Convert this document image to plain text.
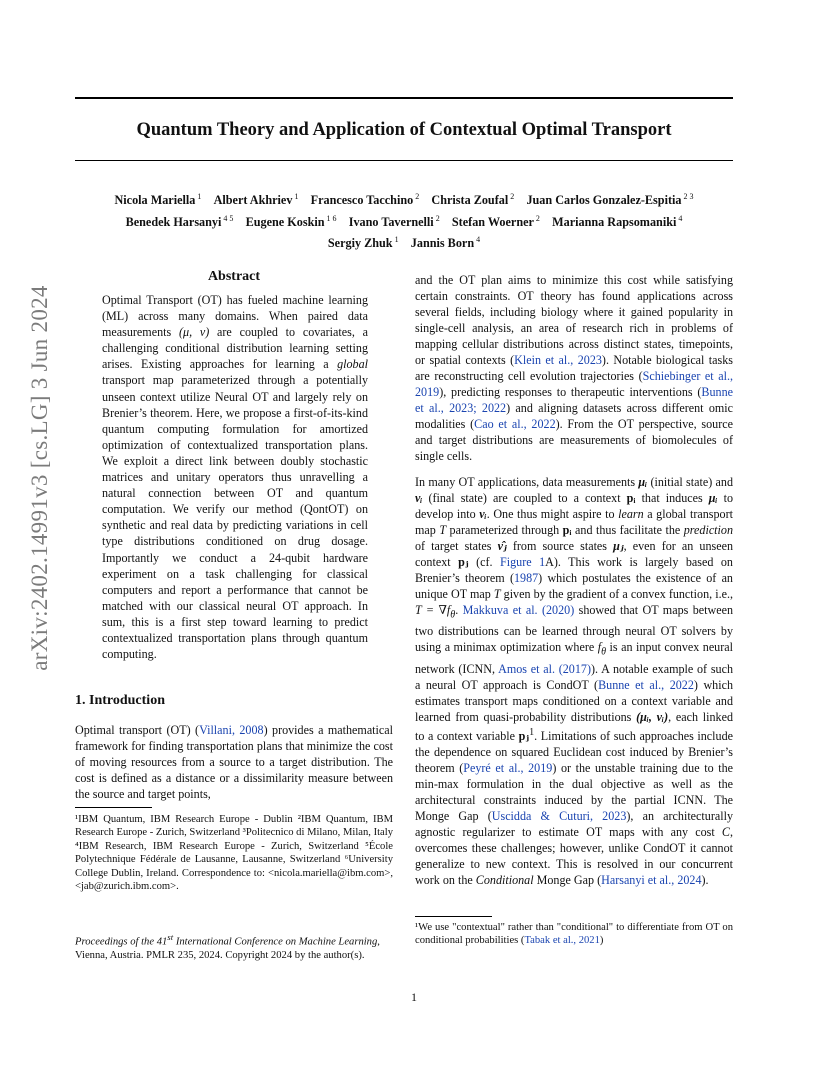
arXiv:2402.14991v3 [cs.LG] 3 Jun 2024
Quantum Theory and Application of Contextual Optimal Transport
Nicola Mariella $^1$  Albert Akhriev $^1$  Francesco Tacchino $^2$  Christa Zoufal $^2$  Juan Carlos Gonzalez-Espitia $^{2 3}$
Benedek Harsanyi $^{4 5}$  Eugene Koskin $^{1 6}$  Ivano Tavernelli $^2$  Stefan Woerner $^2$  Marianna Rapsomaniki $^4$
Sergiy Zhuk $^1$  Jannis Born $^4$
Abstract
Optimal Transport (OT) has fueled machine learning (ML) across many domains. When paired data measurements (μ, ν) are coupled to covariates, a challenging conditional distribution learning setting arises. Existing approaches for learning a global transport map parameterized through a potentially unseen context utilize Neural OT and largely rely on Brenier’s theorem. Here, we propose a first-of-its-kind quantum computing formulation for amortized optimization of contextualized transportation plans. We exploit a direct link between doubly stochastic matrices and unitary operators thus unravelling a natural connection between OT and quantum computation. We verify our method (QontOT) on synthetic and real data by predicting variations in cell type distributions conditioned on drug dosage. Importantly we conduct a 24-qubit hardware experiment on a task challenging for classical computers and report a performance that cannot be matched with our classical neural OT approach. In sum, this is a first step toward learning to predict contextualized transportation plans through quantum computing.
1. Introduction
Optimal transport (OT) (Villani, 2008) provides a mathematical framework for finding transportation plans that minimize the cost of moving resources from a source to a target distribution. The cost is defined as a distance or a dissimilarity measure between the source and target points,
¹IBM Quantum, IBM Research Europe - Dublin ²IBM Quantum, IBM Research Europe - Zurich, Switzerland ³Politecnico di Milano, Milan, Italy ⁴IBM Research, IBM Research Europe - Zurich, Switzerland ⁵École Polytechnique Fédérale de Lausanne, Lausanne, Switzerland ⁶University College Dublin, Ireland. Correspondence to: <nicola.mariella@ibm.com>, <jab@zurich.ibm.com>.
Proceedings of the 41st International Conference on Machine Learning, Vienna, Austria. PMLR 235, 2024. Copyright 2024 by the author(s).
and the OT plan aims to minimize this cost while satisfying certain constraints. OT theory has found applications across several fields, including biology where it gained popularity in single-cell analysis, an area of research rich in problems of mapping cellular distributions across distinct states, timepoints, or spatial contexts (Klein et al., 2023). Notable biological tasks are reconstructing cell evolution trajectories (Schiebinger et al., 2019), predicting responses to therapeutic interventions (Bunne et al., 2023; 2022) and aligning datasets across different omic modalities (Cao et al., 2022). From the OT perspective, source and target distributions are measurements of biomolecules of single cells.
In many OT applications, data measurements μᵢ (initial state) and νᵢ (final state) are coupled to a context pᵢ that induces μᵢ to develop into νᵢ. One thus might aspire to learn a global transport map T parameterized through pᵢ and thus facilitate the prediction of target states ν̂ⱼ from source states μⱼ, even for an unseen context pⱼ (cf. Figure 1A). This work is largely based on Brenier’s theorem (1987) which postulates the existence of an unique OT map T given by the gradient of a convex function, i.e., $T = \nabla f_\theta$. Makkuva et al. (2020) showed that OT maps between two distributions can be learned through neural OT solvers by using a minimax optimization where $f_\theta$ is an input convex neural network (ICNN, Amos et al. (2017)). A notable example of such a neural OT approach is CondOT (Bunne et al., 2022) which estimates transport maps conditioned on a context variable and learned from quasi-probability distributions (μᵢ, νᵢ), each linked to a context variable pⱼ$^1$. Limitations of such approaches include the dependence on squared Euclidean cost induced by Brenier’s theorem (Peyré et al., 2019) or the unstable training due to the min-max formulation in the dual objective as well as the architectural constraints induced by the partial ICNN. The Monge Gap (Uscidda & Cuturi, 2023), an architecturally agnostic regularizer to estimate OT maps with any cost C, overcomes these challenges; however, unlike CondOT it cannot generalize to new context. This is resolved in our concurrent work on the Conditional Monge Gap (Harsanyi et al., 2024).
¹We use "contextual" rather than "conditional" to differentiate from OT on conditional probabilities (Tabak et al., 2021)
1
